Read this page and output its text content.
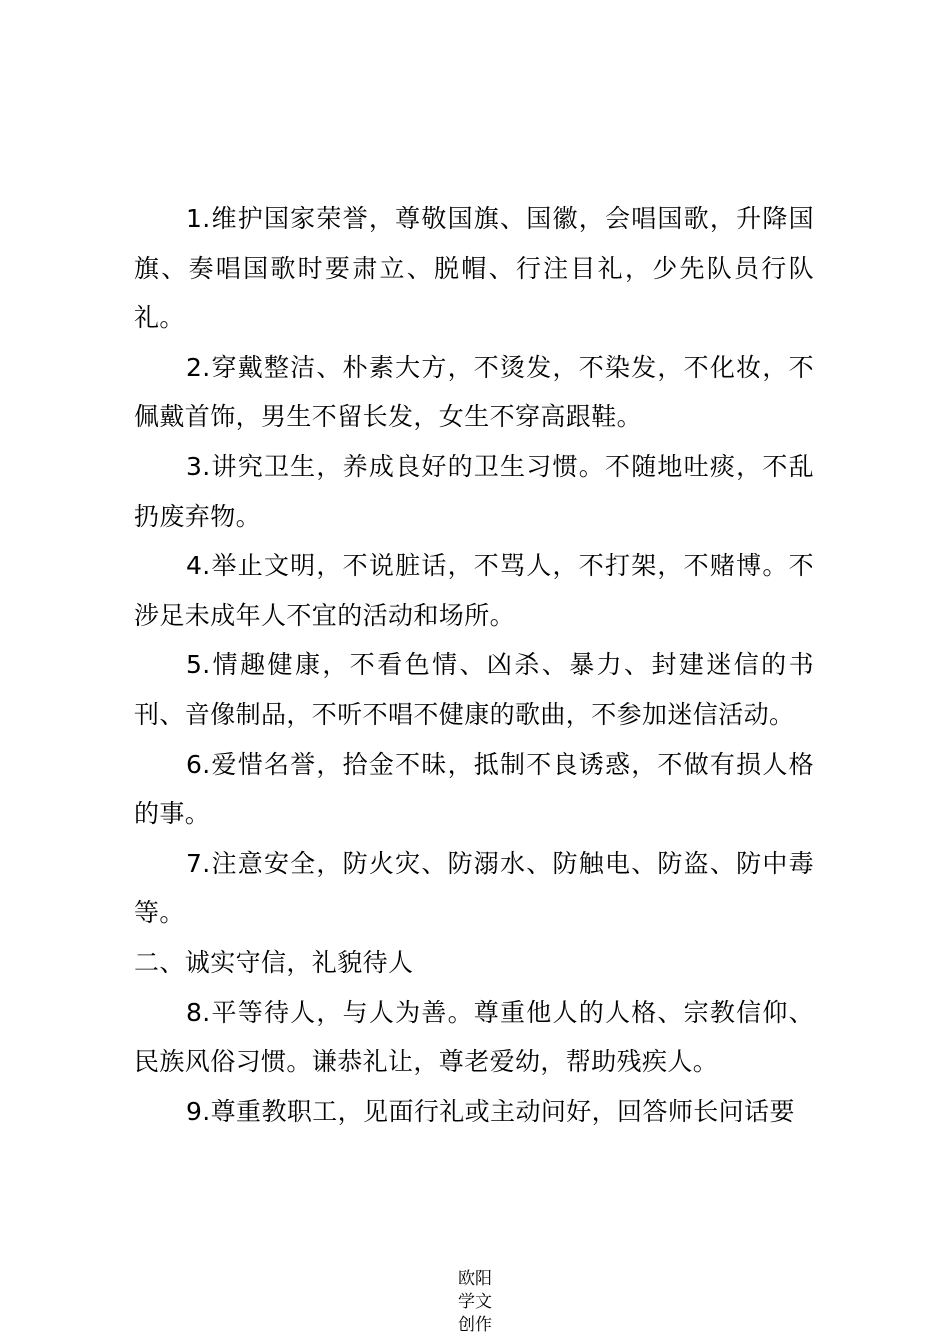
1.维护国家荣誉，尊敬国旗、国徽，会唱国歌，升降国旗、奏唱国歌时要肃立、脱帽、行注目礼，少先队员行队礼。

2.穿戴整洁、朴素大方，不烫发，不染发，不化妆，不佩戴首饰，男生不留长发，女生不穿高跟鞋。

3.讲究卫生，养成良好的卫生习惯。不随地吐痰，不乱扔废弃物。

4.举止文明，不说脏话，不骂人，不打架，不赌博。不涉足未成年人不宜的活动和场所。

5.情趣健康，不看色情、凶杀、暴力、封建迷信的书刊、音像制品，不听不唱不健康的歌曲，不参加迷信活动。

6.爱惜名誉，拾金不昧，抵制不良诱惑，不做有损人格的事。

7.注意安全，防火灾、防溺水、防触电、防盗、防中毒等。

二、诚实守信，礼貌待人

8.平等待人，与人为善。尊重他人的人格、宗教信仰、民族风俗习惯。谦恭礼让，尊老爱幼，帮助残疾人。

9.尊重教职工，见面行礼或主动问好，回答师长问话要

欧阳学文创作
